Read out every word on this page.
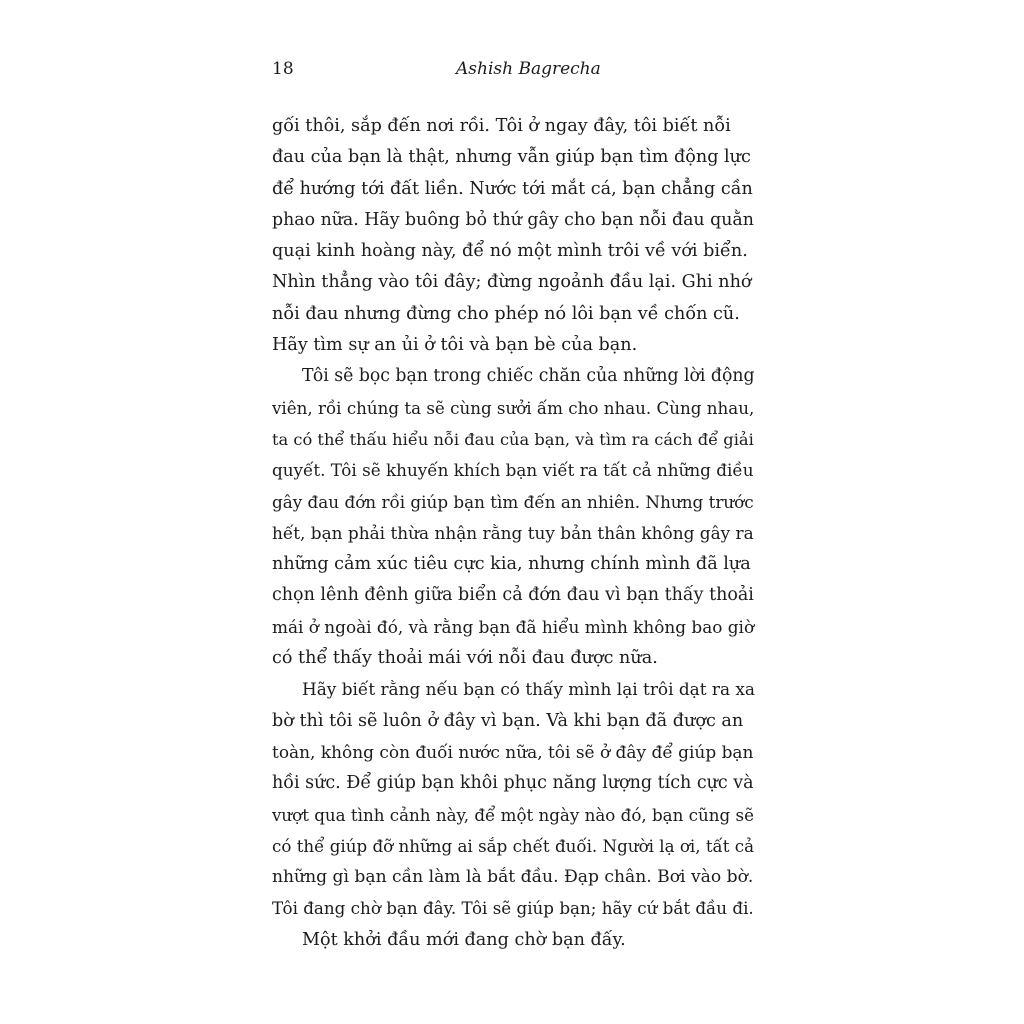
18	Ashish Bagrecha
gối thôi, sắp đến nơi rồi. Tôi ở ngay đây, tôi biết nỗi
đau của bạn là thật, nhưng vẫn giúp bạn tìm động lực
để hướng tới đất liền. Nước tới mắt cá, bạn chẳng cần
phao nữa. Hãy buông bỏ thứ gây cho bạn nỗi đau quằn
quại kinh hoàng này, để nó một mình trôi về với biển.
Nhìn thẳng vào tôi đây; đừng ngoảnh đầu lại. Ghi nhớ
nỗi đau nhưng đừng cho phép nó lôi bạn về chốn cũ.
Hãy tìm sự an ủi ở tôi và bạn bè của bạn.
Tôi sẽ bọc bạn trong chiếc chăn của những lời động
viên, rồi chúng ta sẽ cùng sưởi ấm cho nhau. Cùng nhau,
ta có thể thấu hiểu nỗi đau của bạn, và tìm ra cách để giải
quyết. Tôi sẽ khuyến khích bạn viết ra tất cả những điều
gây đau đớn rồi giúp bạn tìm đến an nhiên. Nhưng trước
hết, bạn phải thừa nhận rằng tuy bản thân không gây ra
những cảm xúc tiêu cực kia, nhưng chính mình đã lựa
chọn lênh đênh giữa biển cả đớn đau vì bạn thấy thoải
mái ở ngoài đó, và rằng bạn đã hiểu mình không bao giờ
có thể thấy thoải mái với nỗi đau được nữa.
Hãy biết rằng nếu bạn có thấy mình lại trôi dạt ra xa
bờ thì tôi sẽ luôn ở đây vì bạn. Và khi bạn đã được an
toàn, không còn đuối nước nữa, tôi sẽ ở đây để giúp bạn
hồi sức. Để giúp bạn khôi phục năng lượng tích cực và
vượt qua tình cảnh này, để một ngày nào đó, bạn cũng sẽ
có thể giúp đỡ những ai sắp chết đuối. Người lạ ơi, tất cả
những gì bạn cần làm là bắt đầu. Đạp chân. Bơi vào bờ.
Tôi đang chờ bạn đây. Tôi sẽ giúp bạn; hãy cứ bắt đầu đi.
Một khởi đầu mới đang chờ bạn đấy.
